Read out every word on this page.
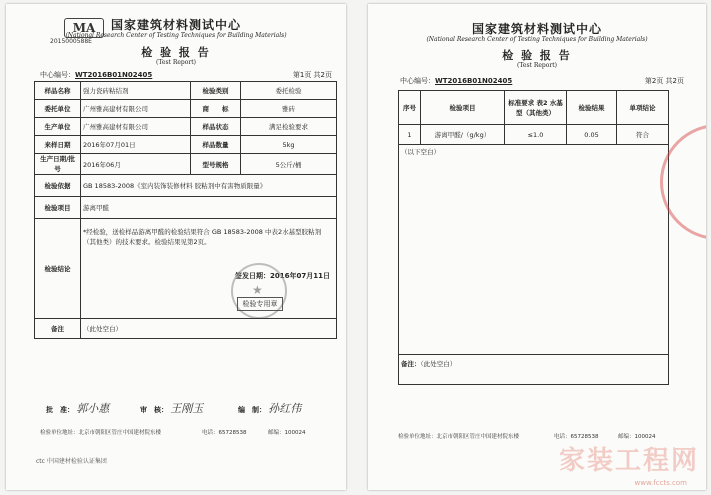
MA
2015000588E
国家建筑材料测试中心
(National Research Center of Testing Techniques for Building Materials)
检 验 报 告
(Test Report)
中心编号：WT2016B01N02405	第1页 共2页
样品名称	强力瓷砖粘结剂	检验类别	委托检验
委托单位	广州雅高建材有限公司	商　　标	雅砖
生产单位	广州雅高建材有限公司	样品状态	满足检验要求
来样日期	2016年07月01日	样品数量	5kg
生产日期/批号	2016年06月	型号规格	5公斤/桶
检验依据	GB 18583-2008《室内装饰装修材料 胶粘剂中有害物质限量》		
检验项目	游离甲醛		
检验结论	*经检验，送检样品游离甲醛的检验结果符合 GB 18583-2008 中表2水基型胶粘剂（其他类）的技术要求。检验结果见第2页。
签发日期：2016年07月11日
★
检验专用章		

备注	（此处空白）		
批　准： 郭小惠	审　核： 王刚玉	编　制： 孙红伟
检验单位地址：北京市朝阳区管庄中国建材院东楼	电话：65728538	邮编：100024
ctc 中国建材检验认证集团
国家建筑材料测试中心
(National Research Center of Testing Techniques for Building Materials)
检 验 报 告
(Test Report)
中心编号：WT2016B01N02405	第2页 共2页
序号	检验项目	标准要求 表2 水基型（其他类）	检验结果	单项结论
1	游离甲醛/（g/kg）	≤1.0	0.05	符合
（以下空白）				
备注：（此处空白）				
检验单位地址：北京市朝阳区管庄中国建材院东楼	电话：65728538	邮编：100024
家装工程网
www.fccts.com
